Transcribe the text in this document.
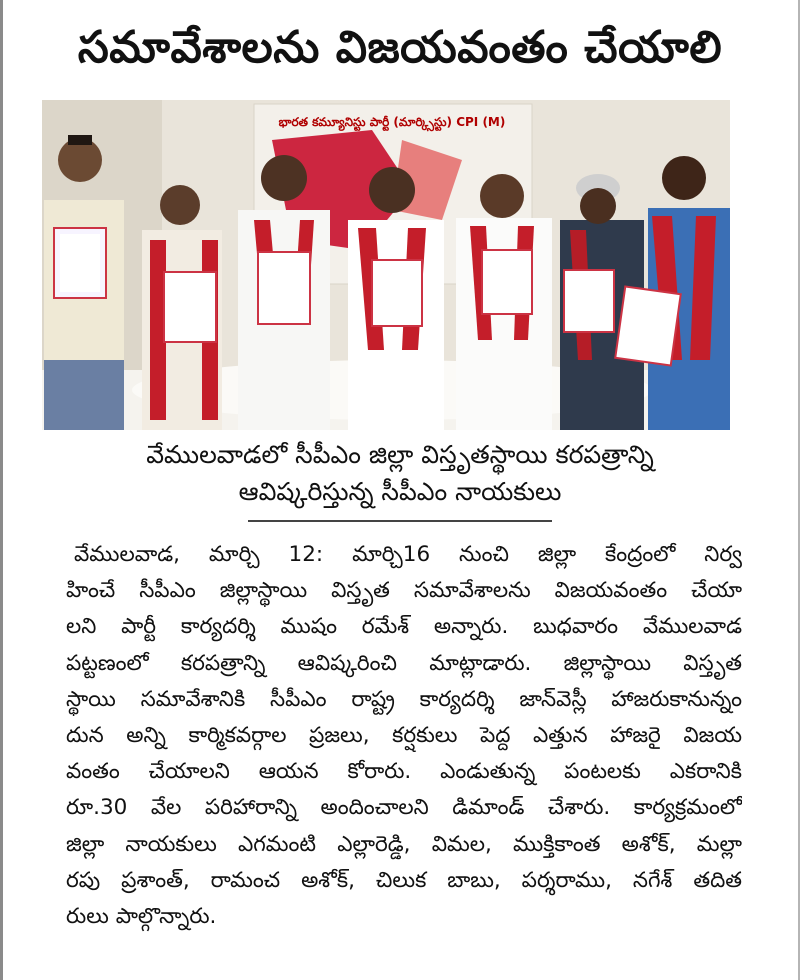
సమావేశాలను విజయవంతం చేయాలి
భారత కమ్యూనిస్టు పార్టీ (మార్క్సిస్టు) CPI (M)
వేములవాడలో సీపీఎం జిల్లా విస్తృతస్థాయి కరపత్రాన్ని
ఆవిష్కరిస్తున్న సీపీఎం నాయకులు
వేములవాడ, మార్చి 12: మార్చి16 నుంచి జిల్లా కేంద్రంలో నిర్వ
హించే సీపీఎం జిల్లాస్థాయి విస్తృత సమావేశాలను విజయవంతం చేయా
లని పార్టీ కార్యదర్శి ముషం రమేశ్ అన్నారు. బుధవారం వేములవాడ
పట్టణంలో కరపత్రాన్ని ఆవిష్కరించి మాట్లాడారు. జిల్లాస్థాయి విస్తృత
స్థాయి సమావేశానికి సీపీఎం రాష్ట్ర కార్యదర్శి జాన్‌వెస్లీ హాజరుకానున్నం
దున అన్ని కార్మికవర్గాల ప్రజలు, కర్షకులు పెద్ద ఎత్తున హాజరై విజయ
వంతం చేయాలని ఆయన కోరారు. ఎండుతున్న పంటలకు ఎకరానికి
రూ.30 వేల పరిహారాన్ని అందించాలని డిమాండ్ చేశారు. కార్యక్రమంలో
జిల్లా నాయకులు ఎగమంటి ఎల్లారెడ్డి, విమల, ముక్తికాంత అశోక్, మల్లా
రపు ప్రశాంత్, రామంచ అశోక్, చిలుక బాబు, పర్శరాము, నగేశ్ తదిత
రులు పాల్గొన్నారు.
